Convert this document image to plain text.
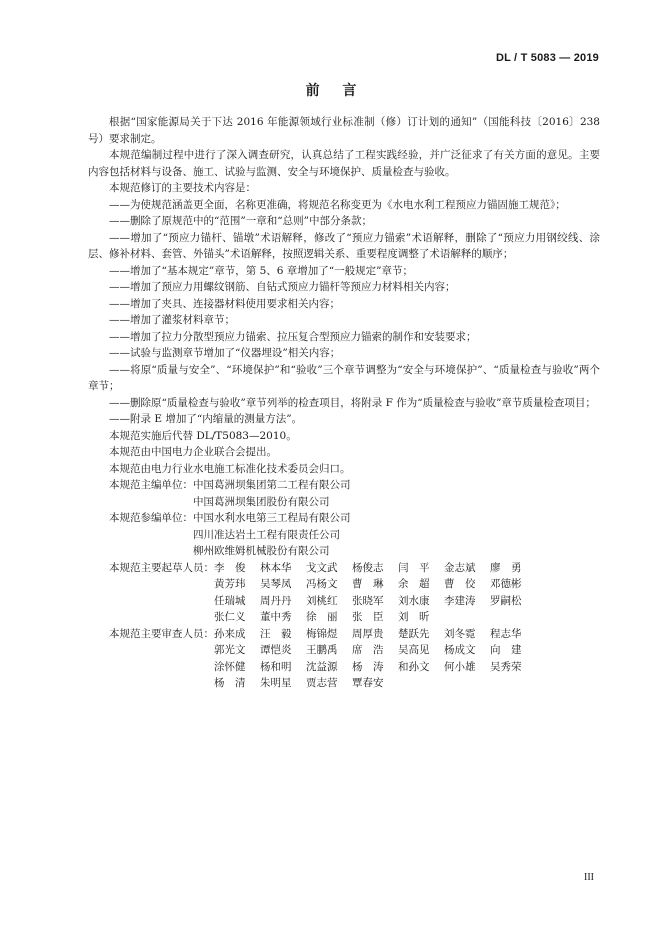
DL / T 5083 — 2019
前 言

根据“国家能源局关于下达 2016 年能源领域行业标准制（修）订计划的通知”（国能科技〔2016〕238 号）要求制定。

本规范编制过程中进行了深入调查研究，认真总结了工程实践经验，并广泛征求了有关方面的意见。主要内容包括材料与设备、施工、试验与监测、安全与环境保护、质量检查与验收。

本规范修订的主要技术内容是：

——为使规范涵盖更全面，名称更准确，将规范名称变更为《水电水利工程预应力锚固施工规范》；

——删除了原规范中的“范围”一章和“总则”中部分条款；

——增加了“预应力锚杆、锚墩”术语解释，修改了“预应力锚索”术语解释，删除了“预应力用钢绞线、涂层、修补材料、套管、外锚头”术语解释，按照逻辑关系、重要程度调整了术语解释的顺序；

——增加了“基本规定”章节，第 5、6 章增加了“一般规定”章节；

——增加了预应力用螺纹钢筋、自钻式预应力锚杆等预应力材料相关内容；

——增加了夹具、连接器材料使用要求相关内容；

——增加了灌浆材料章节；

——增加了拉力分散型预应力锚索、拉压复合型预应力锚索的制作和安装要求；

——试验与监测章节增加了“仪器埋设”相关内容；

——将原“质量与安全”、“环境保护”和“验收”三个章节调整为“安全与环境保护”、“质量检查与验收”两个章节；

——删除原“质量检查与验收”章节列举的检查项目，将附录 F 作为“质量检查与验收”章节质量检查项目；

——附录 E 增加了“内缩量的测量方法”。

本规范实施后代替 DL/T5083—2010。

本规范由中国电力企业联合会提出。

本规范由电力行业水电施工标准化技术委员会归口。

本规范主编单位： 中国葛洲坝集团第二工程有限公司
中国葛洲坝集团股份有限公司
本规范参编单位： 中国水利水电第三工程局有限公司
四川准达岩土工程有限责任公司
柳州欧维姆机械股份有限公司
本规范主要起草人员： 李　俊	林本华	戈文武	杨俊志	闫　平	金志斌	廖　勇
黄芳玮	吴琴凤	冯杨文	曹　琳	余　超	曹　佼	邓德彬
任瑞城	周丹丹	刘桃红	张晓军	刘水康	李建涛	罗嗣松
张仁义	董中秀	徐　丽	张　臣	刘　昕
本规范主要审查人员： 孙来成	汪　毅	梅锦煜	周厚贵	楚跃先	刘冬霓	程志华
郭光文	谭恺炎	王鹏禹	席　浩	吴高见	杨成文	向　建
涂怀健	杨和明	沈益源	杨　涛	和孙文	何小雄	吴秀荣
杨　清	朱明星	贾志营	覃春安
III
